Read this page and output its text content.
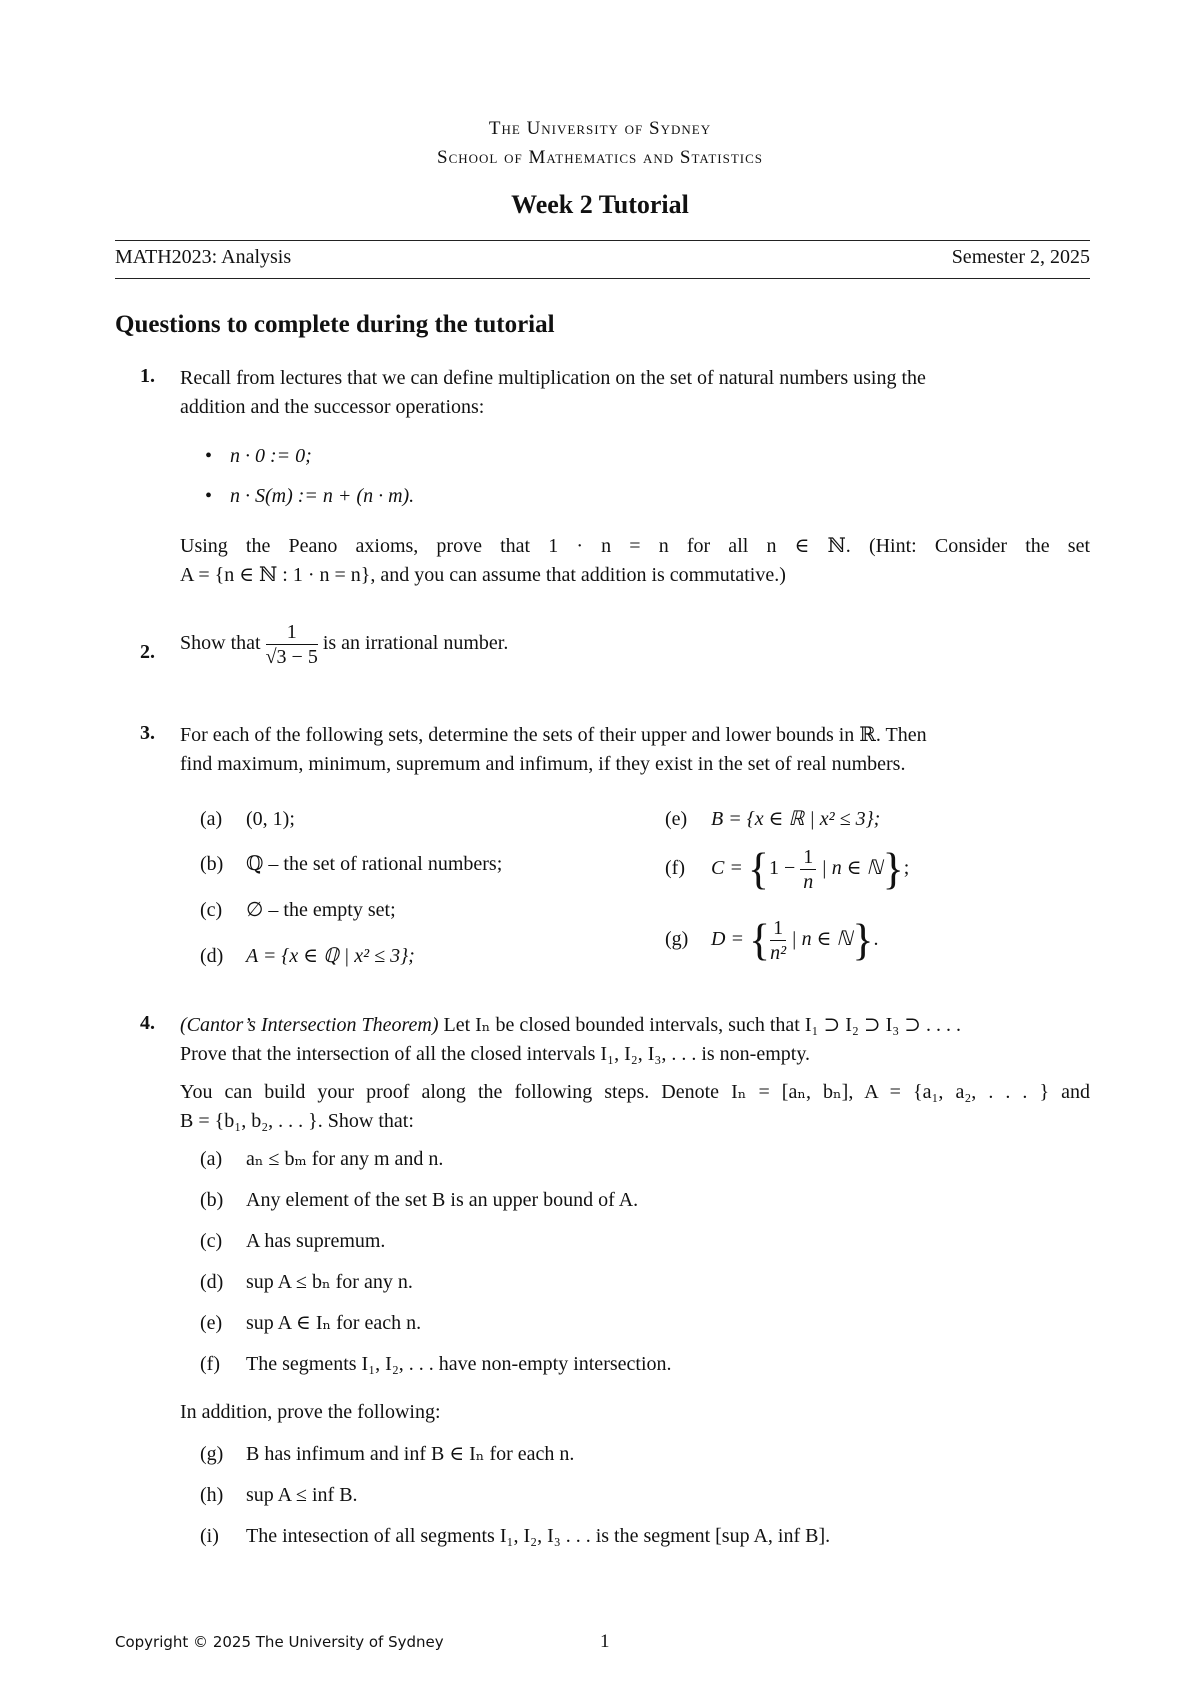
The University of Sydney
School of Mathematics and Statistics
Week 2 Tutorial
MATH2023: Analysis	Semester 2, 2025
Questions to complete during the tutorial
1. Recall from lectures that we can define multiplication on the set of natural numbers using the
addition and the successor operations:
• n · 0 := 0;
• n · S(m) := n + (n · m).
Using the Peano axioms, prove that 1 · n = n for all n ∈ ℕ. (Hint: Consider the set
A = {n ∈ ℕ : 1 · n = n}, and you can assume that addition is commutative.)
2. Show that $\frac{1}{√3 - 5}$ is an irrational number.
3. For each of the following sets, determine the sets of their upper and lower bounds in ℝ. Then
find maximum, minimum, supremum and infimum, if they exist in the set of real numbers.
(a) (0, 1);
(b) ℚ – the set of rational numbers;
(c) ∅ – the empty set;
(d) A = {x ∈ ℚ | x² ≤ 3};
(e) B = {x ∈ ℝ | x² ≤ 3};
(f) $C = \{1 - \frac{1}{n}$ | n ∈ ℕ};
(g) D = { $\frac{1}{\text{n²}}$ | n ∈ ℕ}.
4. (Cantor’s Intersection Theorem) Let Iₙ be closed bounded intervals, such that I₁ ⊃ I₂ ⊃ I₃ ⊃ . . . .
Prove that the intersection of all the closed intervals I₁, I₂, I₃, . . . is non-empty.
You can build your proof along the following steps. Denote Iₙ = [aₙ, bₙ], A = {a₁, a₂, . . . } and
B = {b₁, b₂, . . . }. Show that:
(a) aₙ ≤ bₘ for any m and n.
(b) Any element of the set B is an upper bound of A.
(c) A has supremum.
(d) sup A ≤ bₙ for any n.
(e) sup A ∈ Iₙ for each n.
(f) The segments I₁, I₂, . . . have non-empty intersection.
In addition, prove the following:
(g) B has infimum and inf B ∈ Iₙ for each n.
(h) sup A ≤ inf B.
(i) The intesection of all segments I₁, I₂, I₃ . . . is the segment [sup A, inf B].
Copyright © 2025 The University of Sydney	1
